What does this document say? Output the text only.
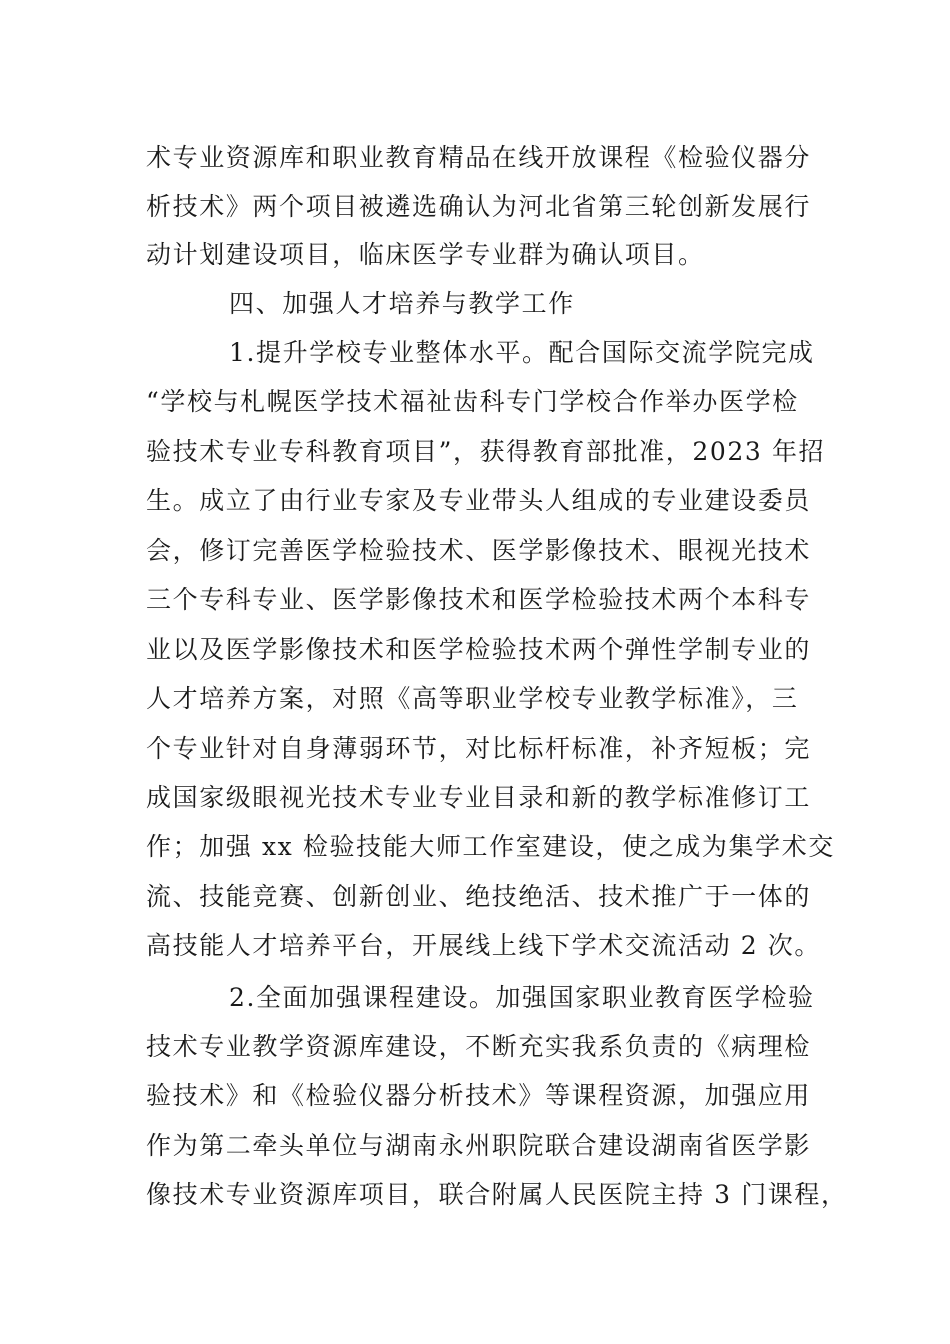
术专业资源库和职业教育精品在线开放课程《检验仪器分
析技术》两个项目被遴选确认为河北省第三轮创新发展行
动计划建设项目，临床医学专业群为确认项目。
四、加强人才培养与教学工作
1.提升学校专业整体水平。配合国际交流学院完成
“学校与札幌医学技术福祉齿科专门学校合作举办医学检
验技术专业专科教育项目”，获得教育部批准，2023 年招
生。成立了由行业专家及专业带头人组成的专业建设委员
会，修订完善医学检验技术、医学影像技术、眼视光技术
三个专科专业、医学影像技术和医学检验技术两个本科专
业以及医学影像技术和医学检验技术两个弹性学制专业的
人才培养方案，对照《高等职业学校专业教学标准》，三
个专业针对自身薄弱环节，对比标杆标准，补齐短板；完
成国家级眼视光技术专业专业目录和新的教学标准修订工
作；加强 xx 检验技能大师工作室建设，使之成为集学术交
流、技能竞赛、创新创业、绝技绝活、技术推广于一体的
高技能人才培养平台，开展线上线下学术交流活动 2 次。
2.全面加强课程建设。加强国家职业教育医学检验
技术专业教学资源库建设，不断充实我系负责的《病理检
验技术》和《检验仪器分析技术》等课程资源，加强应用
作为第二牵头单位与湖南永州职院联合建设湖南省医学影
像技术专业资源库项目，联合附属人民医院主持 3 门课程，
